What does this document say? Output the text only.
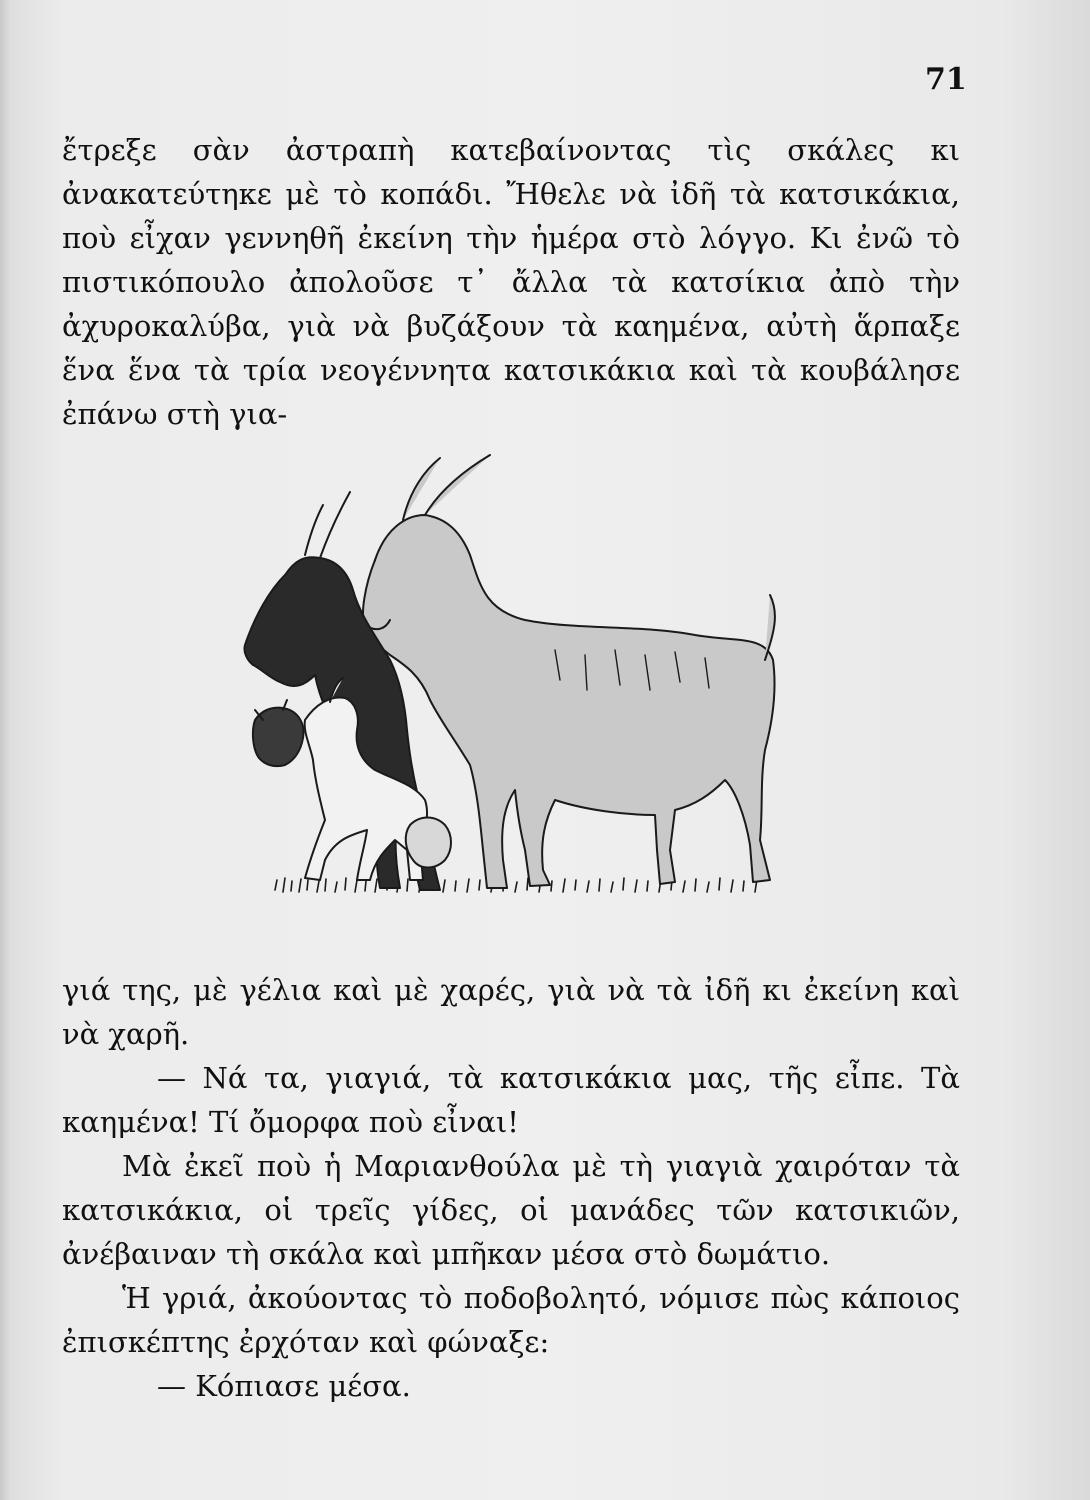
71

ἔτρεξε σὰν ἀστραπὴ κατεβαίνοντας τὶς σκάλες κι ἀνακατεύτηκε μὲ τὸ κοπάδι. Ἤθελε νὰ ἰδῆ τὰ κατσικάκια, ποὺ εἶχαν γεννηθῆ ἐκείνη τὴν ἡμέρα στὸ λόγγο. Κι ἐνῶ τὸ πιστικόπουλο ἀπολοῦσε τ᾿ ἄλλα τὰ κατσίκια ἀπὸ τὴν ἀχυροκαλύβα, γιὰ νὰ βυζάξουν τὰ καημένα, αὐτὴ ἅρπαξε ἕνα ἕνα τὰ τρία νεογέννητα κατσικάκια καὶ τὰ κουβάλησε ἐπάνω στὴ για-

γιά της, μὲ γέλια καὶ μὲ χαρές, γιὰ νὰ τὰ ἰδῆ κι ἐκείνη καὶ νὰ χαρῆ.

— Νά τα, γιαγιά, τὰ κατσικάκια μας, τῆς εἶπε. Τὰ καημένα! Τί ὄμορφα ποὺ εἶναι!

Μὰ ἐκεῖ ποὺ ἡ Μαριανθούλα μὲ τὴ γιαγιὰ χαιρόταν τὰ κατσικάκια, οἱ τρεῖς γίδες, οἱ μανάδες τῶν κατσικιῶν, ἀνέβαιναν τὴ σκάλα καὶ μπῆκαν μέσα στὸ δωμάτιο.

Ἡ γριά, ἀκούοντας τὸ ποδοβολητό, νόμισε πὼς κάποιος ἐπισκέπτης ἐρχόταν καὶ φώναξε:

— Κόπιασε μέσα.
